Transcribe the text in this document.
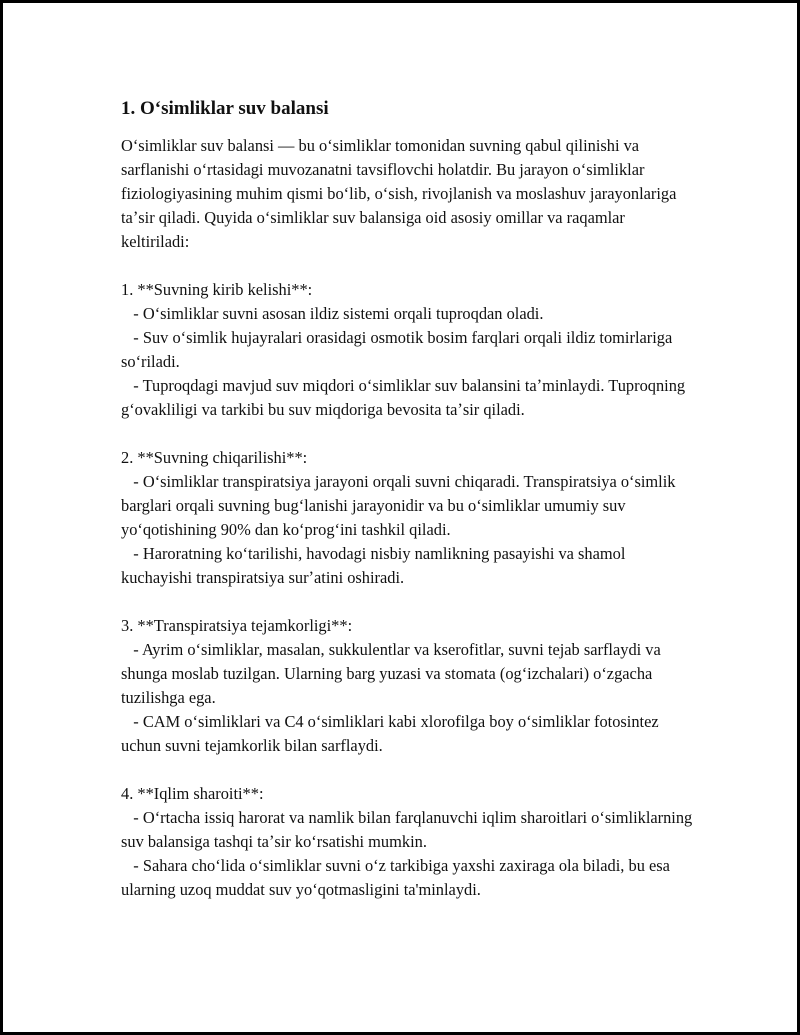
1. Oʻsimliklar suv balansi

Oʻsimliklar suv balansi — bu oʻsimliklar tomonidan suvning qabul qilinishi va sarflanishi oʻrtasidagi muvozanatni tavsiflovchi holatdir. Bu jarayon oʻsimliklar fiziologiyasining muhim qismi boʻlib, oʻsish, rivojlanish va moslashuv jarayonlariga taʼsir qiladi. Quyida oʻsimliklar suv balansiga oid asosiy omillar va raqamlar keltiriladi:

1. **Suvning kirib kelishi**:

- Oʻsimliklar suvni asosan ildiz sistemi orqali tuproqdan oladi.

- Suv oʻsimlik hujayralari orasidagi osmotik bosim farqlari orqali ildiz tomirlariga soʻriladi.

- Tuproqdagi mavjud suv miqdori oʻsimliklar suv balansini taʼminlaydi. Tuproqning gʻovakliligi va tarkibi bu suv miqdoriga bevosita taʼsir qiladi.

2. **Suvning chiqarilishi**:

- Oʻsimliklar transpiratsiya jarayoni orqali suvni chiqaradi. Transpiratsiya oʻsimlik barglari orqali suvning bugʻlanishi jarayonidir va bu oʻsimliklar umumiy suv yoʻqotishining 90% dan koʻprogʻini tashkil qiladi.

- Haroratning koʻtarilishi, havodagi nisbiy namlikning pasayishi va shamol kuchayishi transpiratsiya surʼatini oshiradi.

3. **Transpiratsiya tejamkorligi**:

- Ayrim oʻsimliklar, masalan, sukkulentlar va kserofitlar, suvni tejab sarflaydi va shunga moslab tuzilgan. Ularning barg yuzasi va stomata (ogʻizchalari) oʻzgacha tuzilishga ega.

- CAM oʻsimliklari va C4 oʻsimliklari kabi xlorofilga boy oʻsimliklar fotosintez uchun suvni tejamkorlik bilan sarflaydi.

4. **Iqlim sharoiti**:

- Oʻrtacha issiq harorat va namlik bilan farqlanuvchi iqlim sharoitlari oʻsimliklarning suv balansiga tashqi taʼsir koʻrsatishi mumkin.

- Sahara choʻlida oʻsimliklar suvni oʻz tarkibiga yaxshi zaxiraga ola biladi, bu esa ularning uzoq muddat suv yoʻqotmasligini ta'minlaydi.
